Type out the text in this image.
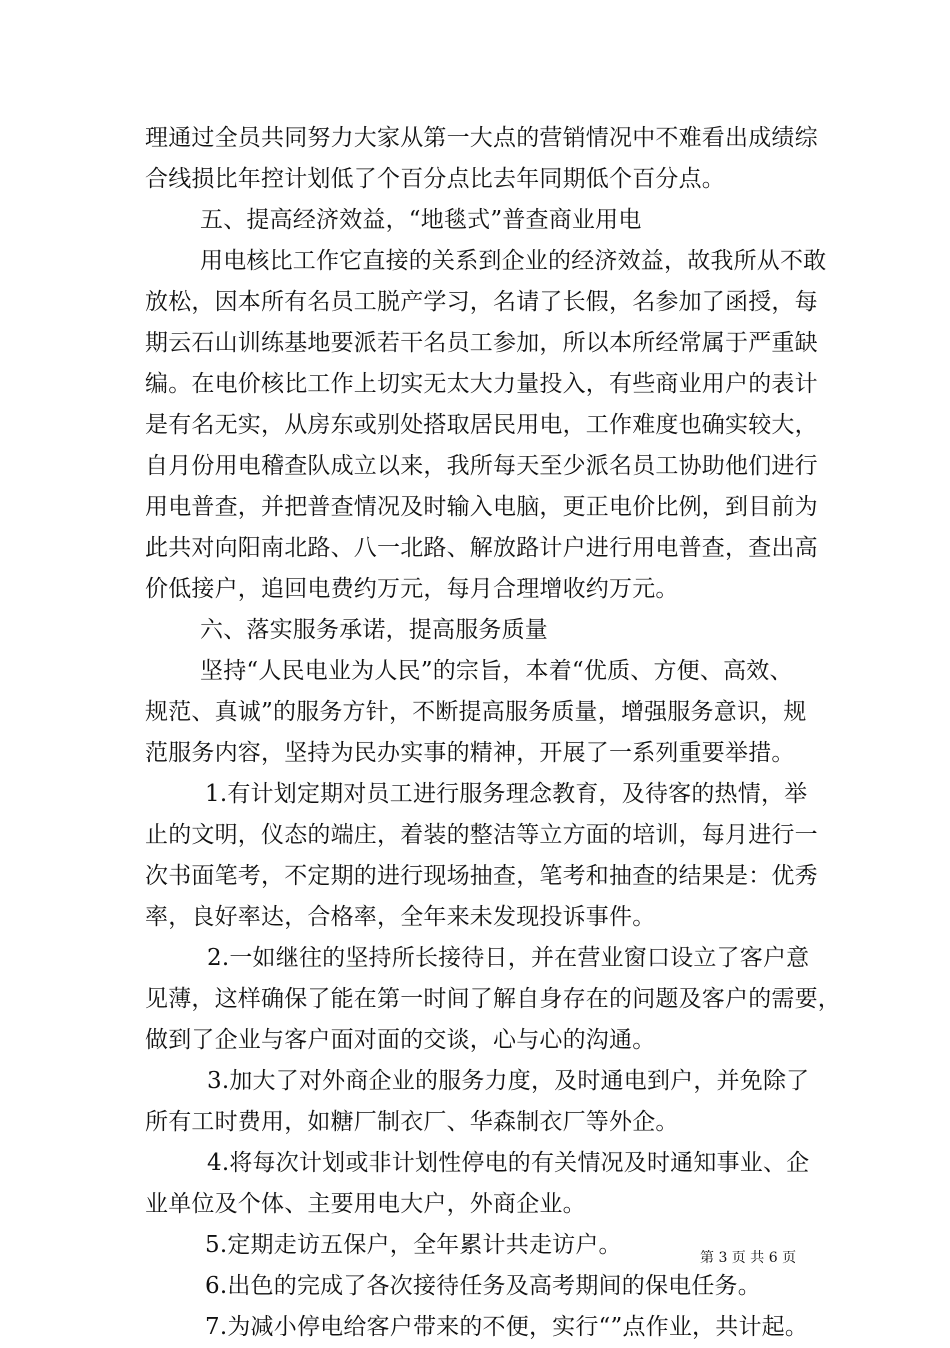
理通过全员共同努力大家从第一大点的营销情况中不难看出成绩综
合线损比年控计划低了个百分点比去年同期低个百分点。
五、提高经济效益，“地毯式”普查商业用电
用电核比工作它直接的关系到企业的经济效益，故我所从不敢
放松，因本所有名员工脱产学习，名请了长假，名参加了函授，每
期云石山训练基地要派若干名员工参加，所以本所经常属于严重缺
编。在电价核比工作上切实无太大力量投入，有些商业用户的表计
是有名无实，从房东或别处搭取居民用电，工作难度也确实较大，
自月份用电稽查队成立以来，我所每天至少派名员工协助他们进行
用电普查，并把普查情况及时输入电脑，更正电价比例，到目前为
此共对向阳南北路、八一北路、解放路计户进行用电普查，查出高
价低接户，追回电费约万元，每月合理增收约万元。
六、落实服务承诺，提高服务质量
坚持“人民电业为人民”的宗旨，本着“优质、方便、高效、
规范、真诚”的服务方针，不断提高服务质量，增强服务意识，规
范服务内容，坚持为民办实事的精神，开展了一系列重要举措。
1.有计划定期对员工进行服务理念教育，及待客的热情，举
止的文明，仪态的端庄，着装的整洁等立方面的培训，每月进行一
次书面笔考，不定期的进行现场抽查，笔考和抽查的结果是：优秀
率，良好率达，合格率，全年来未发现投诉事件。
2.一如继往的坚持所长接待日，并在营业窗口设立了客户意
见薄，这样确保了能在第一时间了解自身存在的问题及客户的需要，
做到了企业与客户面对面的交谈，心与心的沟通。
3.加大了对外商企业的服务力度，及时通电到户，并免除了
所有工时费用，如糖厂制衣厂、华森制衣厂等外企。
4.将每次计划或非计划性停电的有关情况及时通知事业、企
业单位及个体、主要用电大户，外商企业。
5.定期走访五保户，全年累计共走访户。
6.出色的完成了各次接待任务及高考期间的保电任务。
7.为减小停电给客户带来的不便，实行“”点作业，共计起。
第 3 页 共 6 页
